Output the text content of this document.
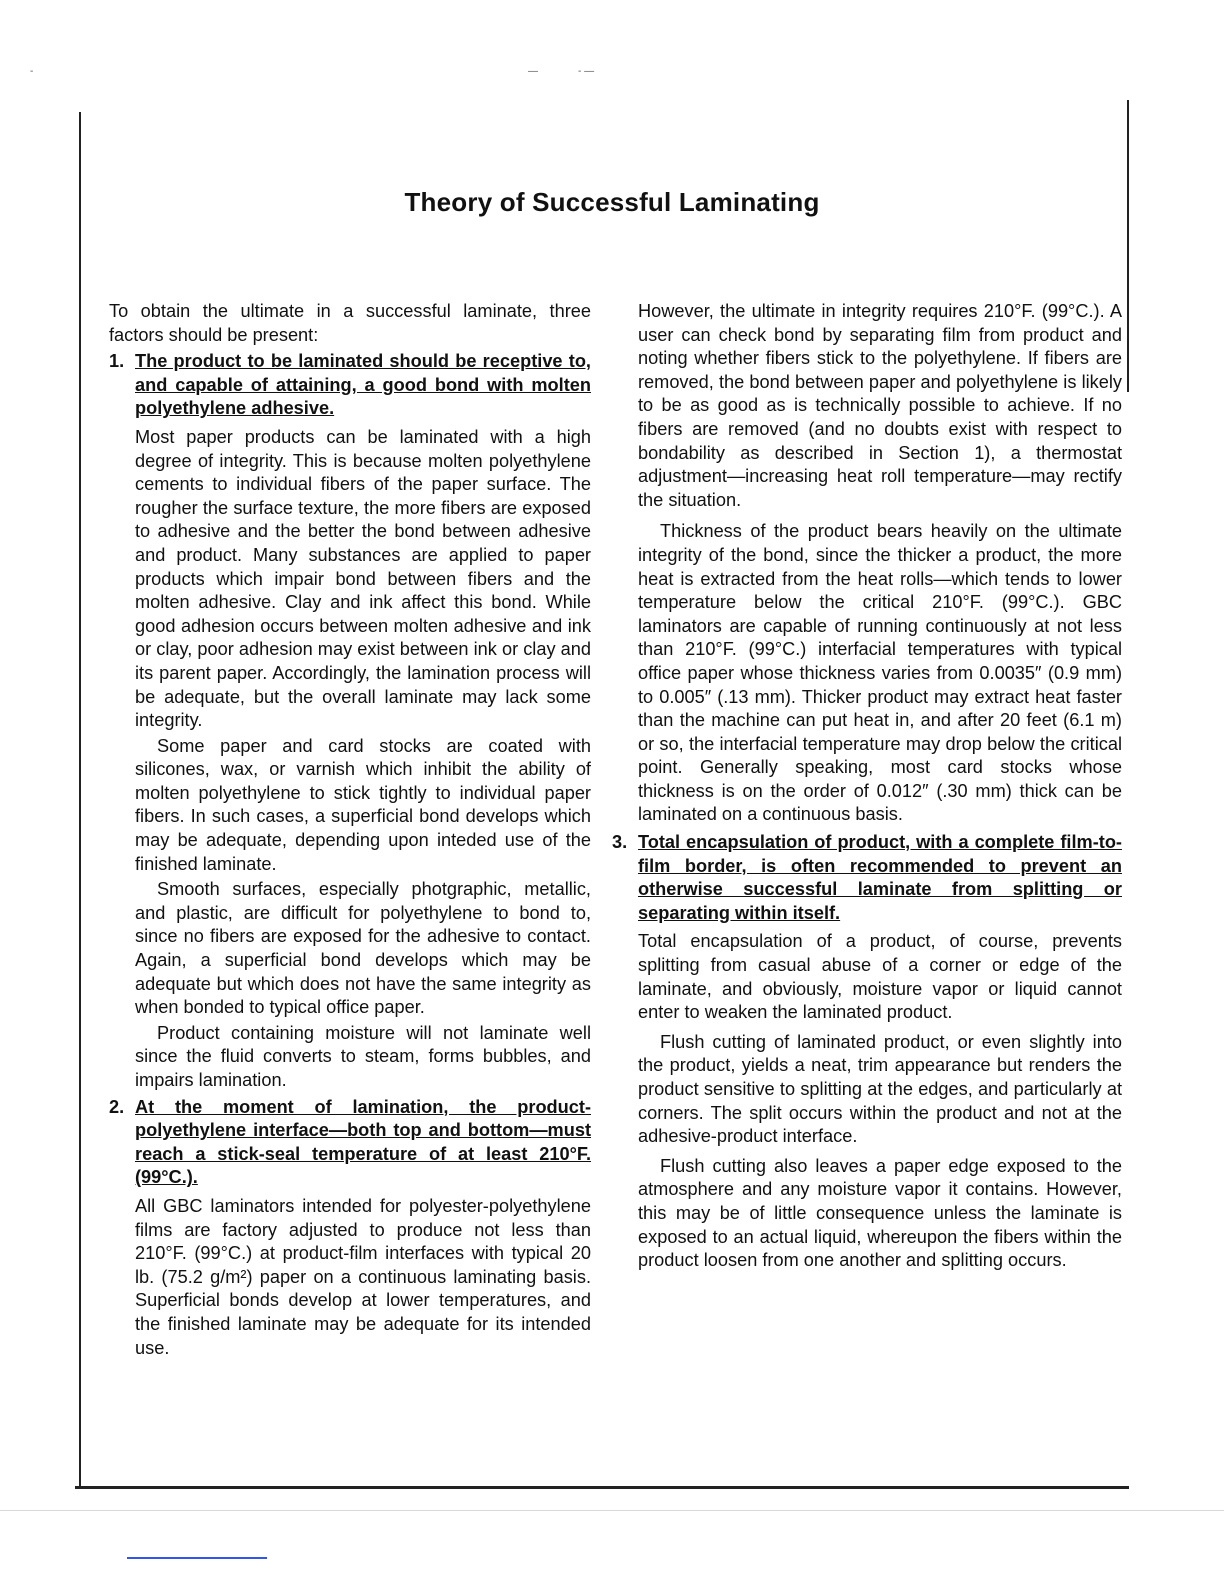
-	—	- —
Theory of Successful Laminating

To obtain the ultimate in a successful laminate, three factors should be present:

1. The product to be laminated should be receptive to, and capable of attaining, a good bond with molten polyethylene adhesive.

Most paper products can be laminated with a high degree of integrity. This is because molten polyethylene cements to individual fibers of the paper surface. The rougher the surface texture, the more fibers are exposed to adhesive and the better the bond between adhesive and product. Many substances are applied to paper products which impair bond between fibers and the molten adhesive. Clay and ink affect this bond. While good adhesion occurs between molten adhesive and ink or clay, poor adhesion may exist between ink or clay and its parent paper. Accordingly, the lamination process will be adequate, but the overall laminate may lack some integrity.

Some paper and card stocks are coated with silicones, wax, or varnish which inhibit the ability of molten polyethylene to stick tightly to individual paper fibers. In such cases, a superficial bond develops which may be adequate, depending upon inteded use of the finished laminate.

Smooth surfaces, especially photgraphic, metallic, and plastic, are difficult for polyethylene to bond to, since no fibers are exposed for the adhesive to contact. Again, a superficial bond develops which may be adequate but which does not have the same integrity as when bonded to typical office paper.

Product containing moisture will not laminate well since the fluid converts to steam, forms bubbles, and impairs lamination.

2. At the moment of lamination, the product-polyethylene interface—both top and bottom—must reach a stick-seal temperature of at least 210°F. (99°C.).

All GBC laminators intended for polyester-polyethylene films are factory adjusted to produce not less than 210°F. (99°C.) at product-film interfaces with typical 20 lb. (75.2 g/m²) paper on a continuous laminating basis. Superficial bonds develop at lower temperatures, and the finished laminate may be adequate for its intended use.

However, the ultimate in integrity requires 210°F. (99°C.). A user can check bond by separating film from product and noting whether fibers stick to the polyethylene. If fibers are removed, the bond between paper and polyethylene is likely to be as good as is technically possible to achieve. If no fibers are removed (and no doubts exist with respect to bondability as described in Section 1), a thermostat adjustment—increasing heat roll temperature—may rectify the situation.

Thickness of the product bears heavily on the ultimate integrity of the bond, since the thicker a product, the more heat is extracted from the heat rolls—which tends to lower temperature below the critical 210°F. (99°C.). GBC laminators are capable of running continuously at not less than 210°F. (99°C.) interfacial temperatures with typical office paper whose thickness varies from 0.0035″ (0.9 mm) to 0.005″ (.13 mm). Thicker product may extract heat faster than the machine can put heat in, and after 20 feet (6.1 m) or so, the interfacial temperature may drop below the critical point. Generally speaking, most card stocks whose thickness is on the order of 0.012″ (.30 mm) thick can be laminated on a continuous basis.

3. Total encapsulation of product, with a complete film-to-film border, is often recommended to prevent an otherwise successful laminate from splitting or separating within itself.

Total encapsulation of a product, of course, prevents splitting from casual abuse of a corner or edge of the laminate, and obviously, moisture vapor or liquid cannot enter to weaken the laminated product.

Flush cutting of laminated product, or even slightly into the product, yields a neat, trim appearance but renders the product sensitive to splitting at the edges, and particularly at corners. The split occurs within the product and not at the adhesive-product interface.

Flush cutting also leaves a paper edge exposed to the atmosphere and any moisture vapor it contains. However, this may be of little consequence unless the laminate is exposed to an actual liquid, whereupon the fibers within the product loosen from one another and splitting occurs.
